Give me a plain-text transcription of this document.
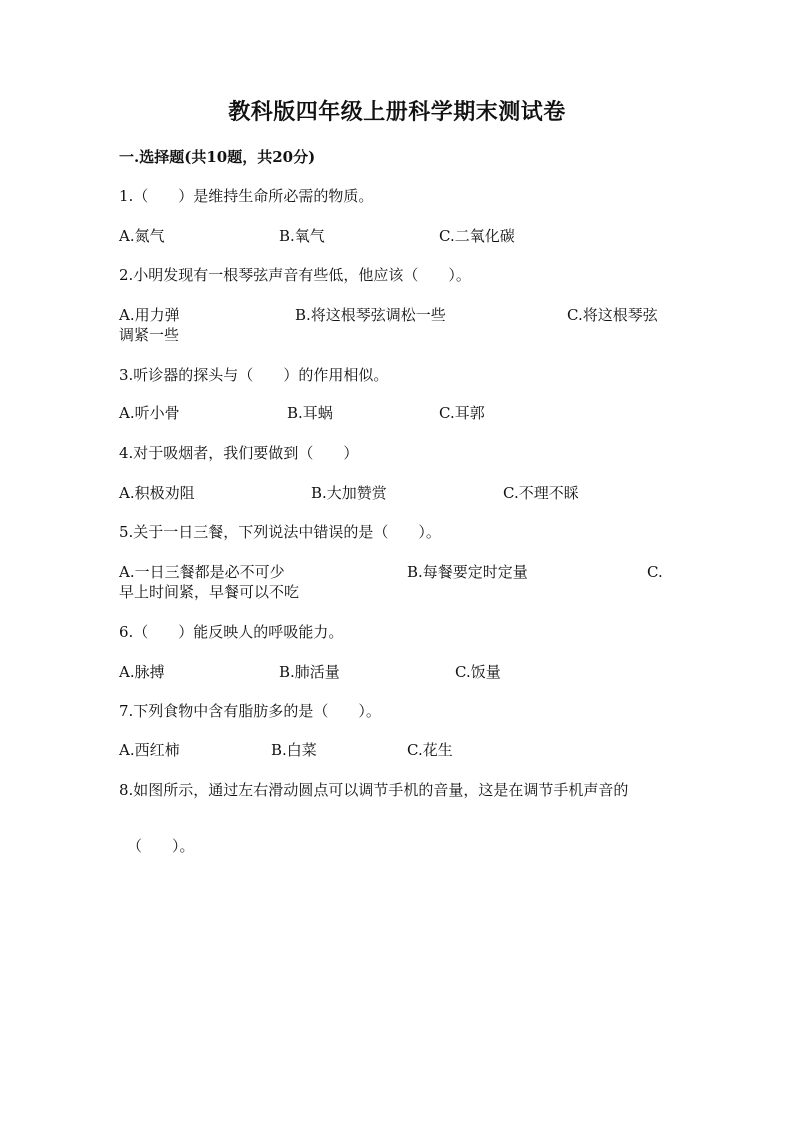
教科版四年级上册科学期末测试卷
一.选择题(共10题，共20分)
1.（　　）是维持生命所必需的物质。
A.氮气	B.氧气	C.二氧化碳
2.小明发现有一根琴弦声音有些低，他应该（　　）。
A.用力弹	B.将这根琴弦调松一些	C.将这根琴弦
调紧一些
3.听诊器的探头与（　　）的作用相似。
A.听小骨	B.耳蜗	C.耳郭
4.对于吸烟者，我们要做到（　　）
A.积极劝阻	B.大加赞赏	C.不理不睬
5.关于一日三餐，下列说法中错误的是（　　）。
A.一日三餐都是必不可少	B.每餐要定时定量	C.
早上时间紧，早餐可以不吃
6.（　　）能反映人的呼吸能力。
A.脉搏	B.肺活量	C.饭量
7.下列食物中含有脂肪多的是（　　）。
A.西红柿	B.白菜	C.花生
8.如图所示，通过左右滑动圆点可以调节手机的音量，这是在调节手机声音的
（　　）。
